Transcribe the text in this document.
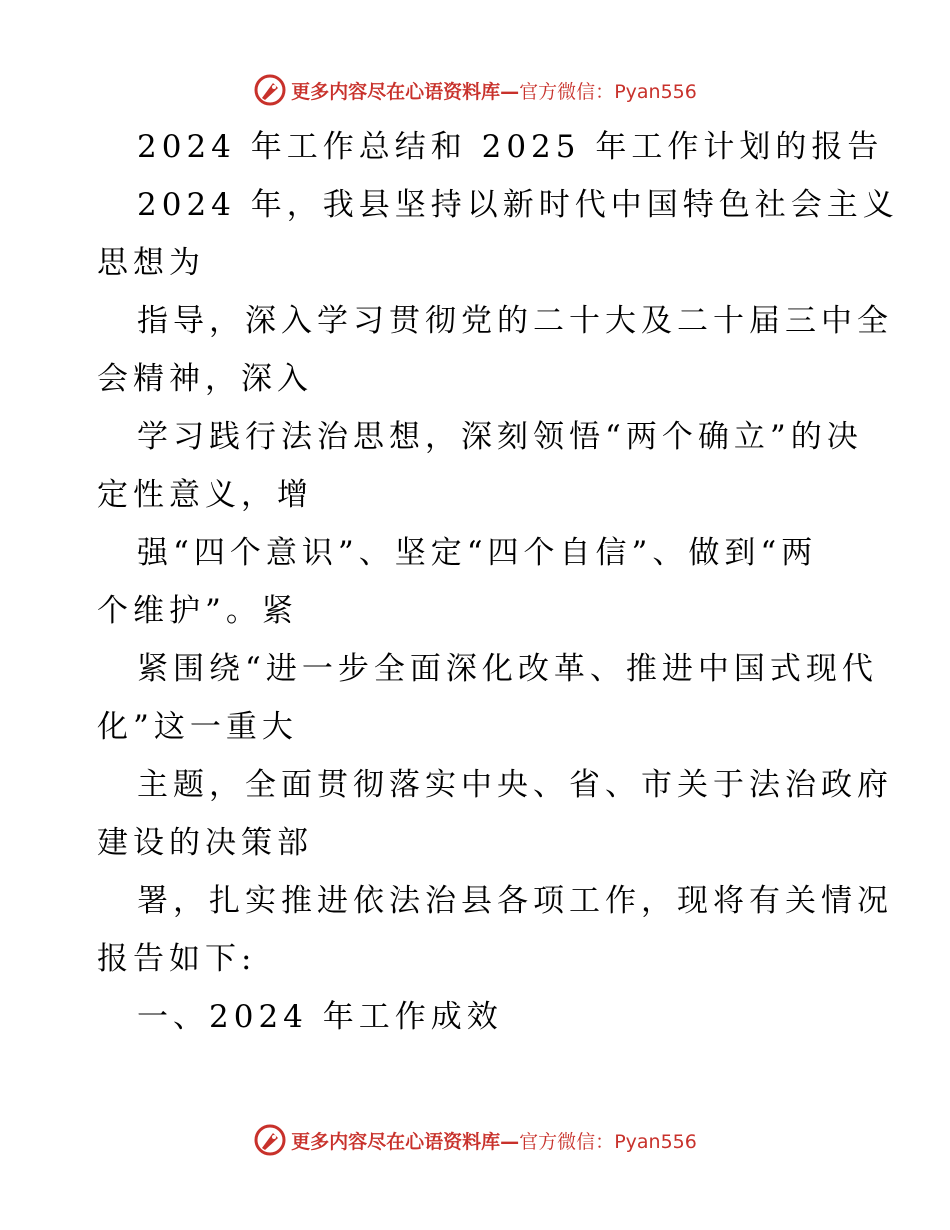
更多内容尽在心语资料库—官方微信：Pyan556
2024 年工作总结和 2025 年工作计划的报告
2024 年，我县坚持以新时代中国特色社会主义
思想为
指导，深入学习贯彻党的二十大及二十届三中全
会精神，深入
学习践行法治思想，深刻领悟“两个确立”的决
定性意义，增
强“四个意识”、坚定“四个自信”、做到“两
个维护”。紧
紧围绕“进一步全面深化改革、推进中国式现代
化”这一重大
主题，全面贯彻落实中央、省、市关于法治政府
建设的决策部
署，扎实推进依法治县各项工作，现将有关情况
报告如下:
一、2024 年工作成效
更多内容尽在心语资料库—官方微信：Pyan556
